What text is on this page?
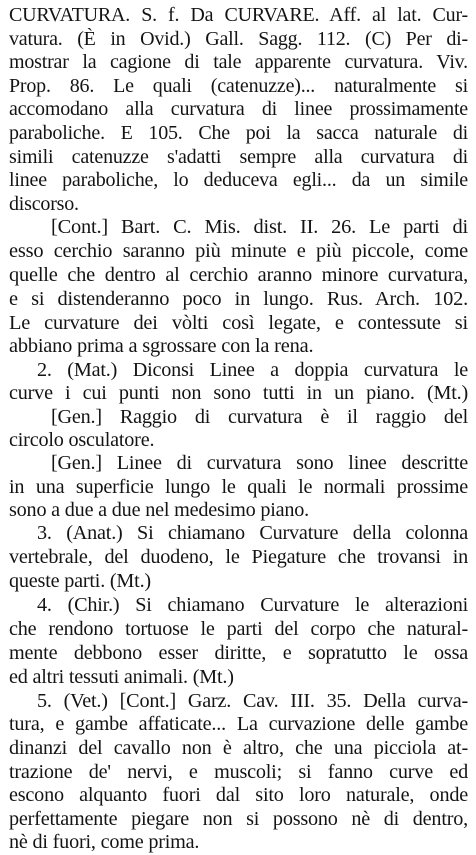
CURVATURA. S. f. Da CURVARE. Aff. al lat. Cur-
vatura. (È in Ovid.) Gall. Sagg. 112. (C) Per di-
mostrar la cagione di tale apparente curvatura. Viv.
Prop. 86. Le quali (catenuzze)... naturalmente si
accomodano alla curvatura di linee prossimamente
paraboliche. E 105. Che poi la sacca naturale di
simili catenuzze s'adatti sempre alla curvatura di
linee paraboliche, lo deduceva egli... da un simile
discorso.
[Cont.] Bart. C. Mis. dist. II. 26. Le parti di
esso cerchio saranno più minute e più piccole, come
quelle che dentro al cerchio aranno minore curvatura,
e si distenderanno poco in lungo. Rus. Arch. 102.
Le curvature dei vòlti così legate, e contessute si
abbiano prima a sgrossare con la rena.
2. (Mat.) Diconsi Linee a doppia curvatura le
curve i cui punti non sono tutti in un piano. (Mt.)
[Gen.] Raggio di curvatura è il raggio del
circolo osculatore.
[Gen.] Linee di curvatura sono linee descritte
in una superficie lungo le quali le normali prossime
sono a due a due nel medesimo piano.
3. (Anat.) Si chiamano Curvature della colonna
vertebrale, del duodeno, le Piegature che trovansi in
queste parti. (Mt.)
4. (Chir.) Si chiamano Curvature le alterazioni
che rendono tortuose le parti del corpo che natural-
mente debbono esser diritte, e sopratutto le ossa
ed altri tessuti animali. (Mt.)
5. (Vet.) [Cont.] Garz. Cav. III. 35. Della curva-
tura, e gambe affaticate... La curvazione delle gambe
dinanzi del cavallo non è altro, che una picciola at-
trazione de' nervi, e muscoli; si fanno curve ed
escono alquanto fuori dal sito loro naturale, onde
perfettamente piegare non si possono nè di dentro,
nè di fuori, come prima.
